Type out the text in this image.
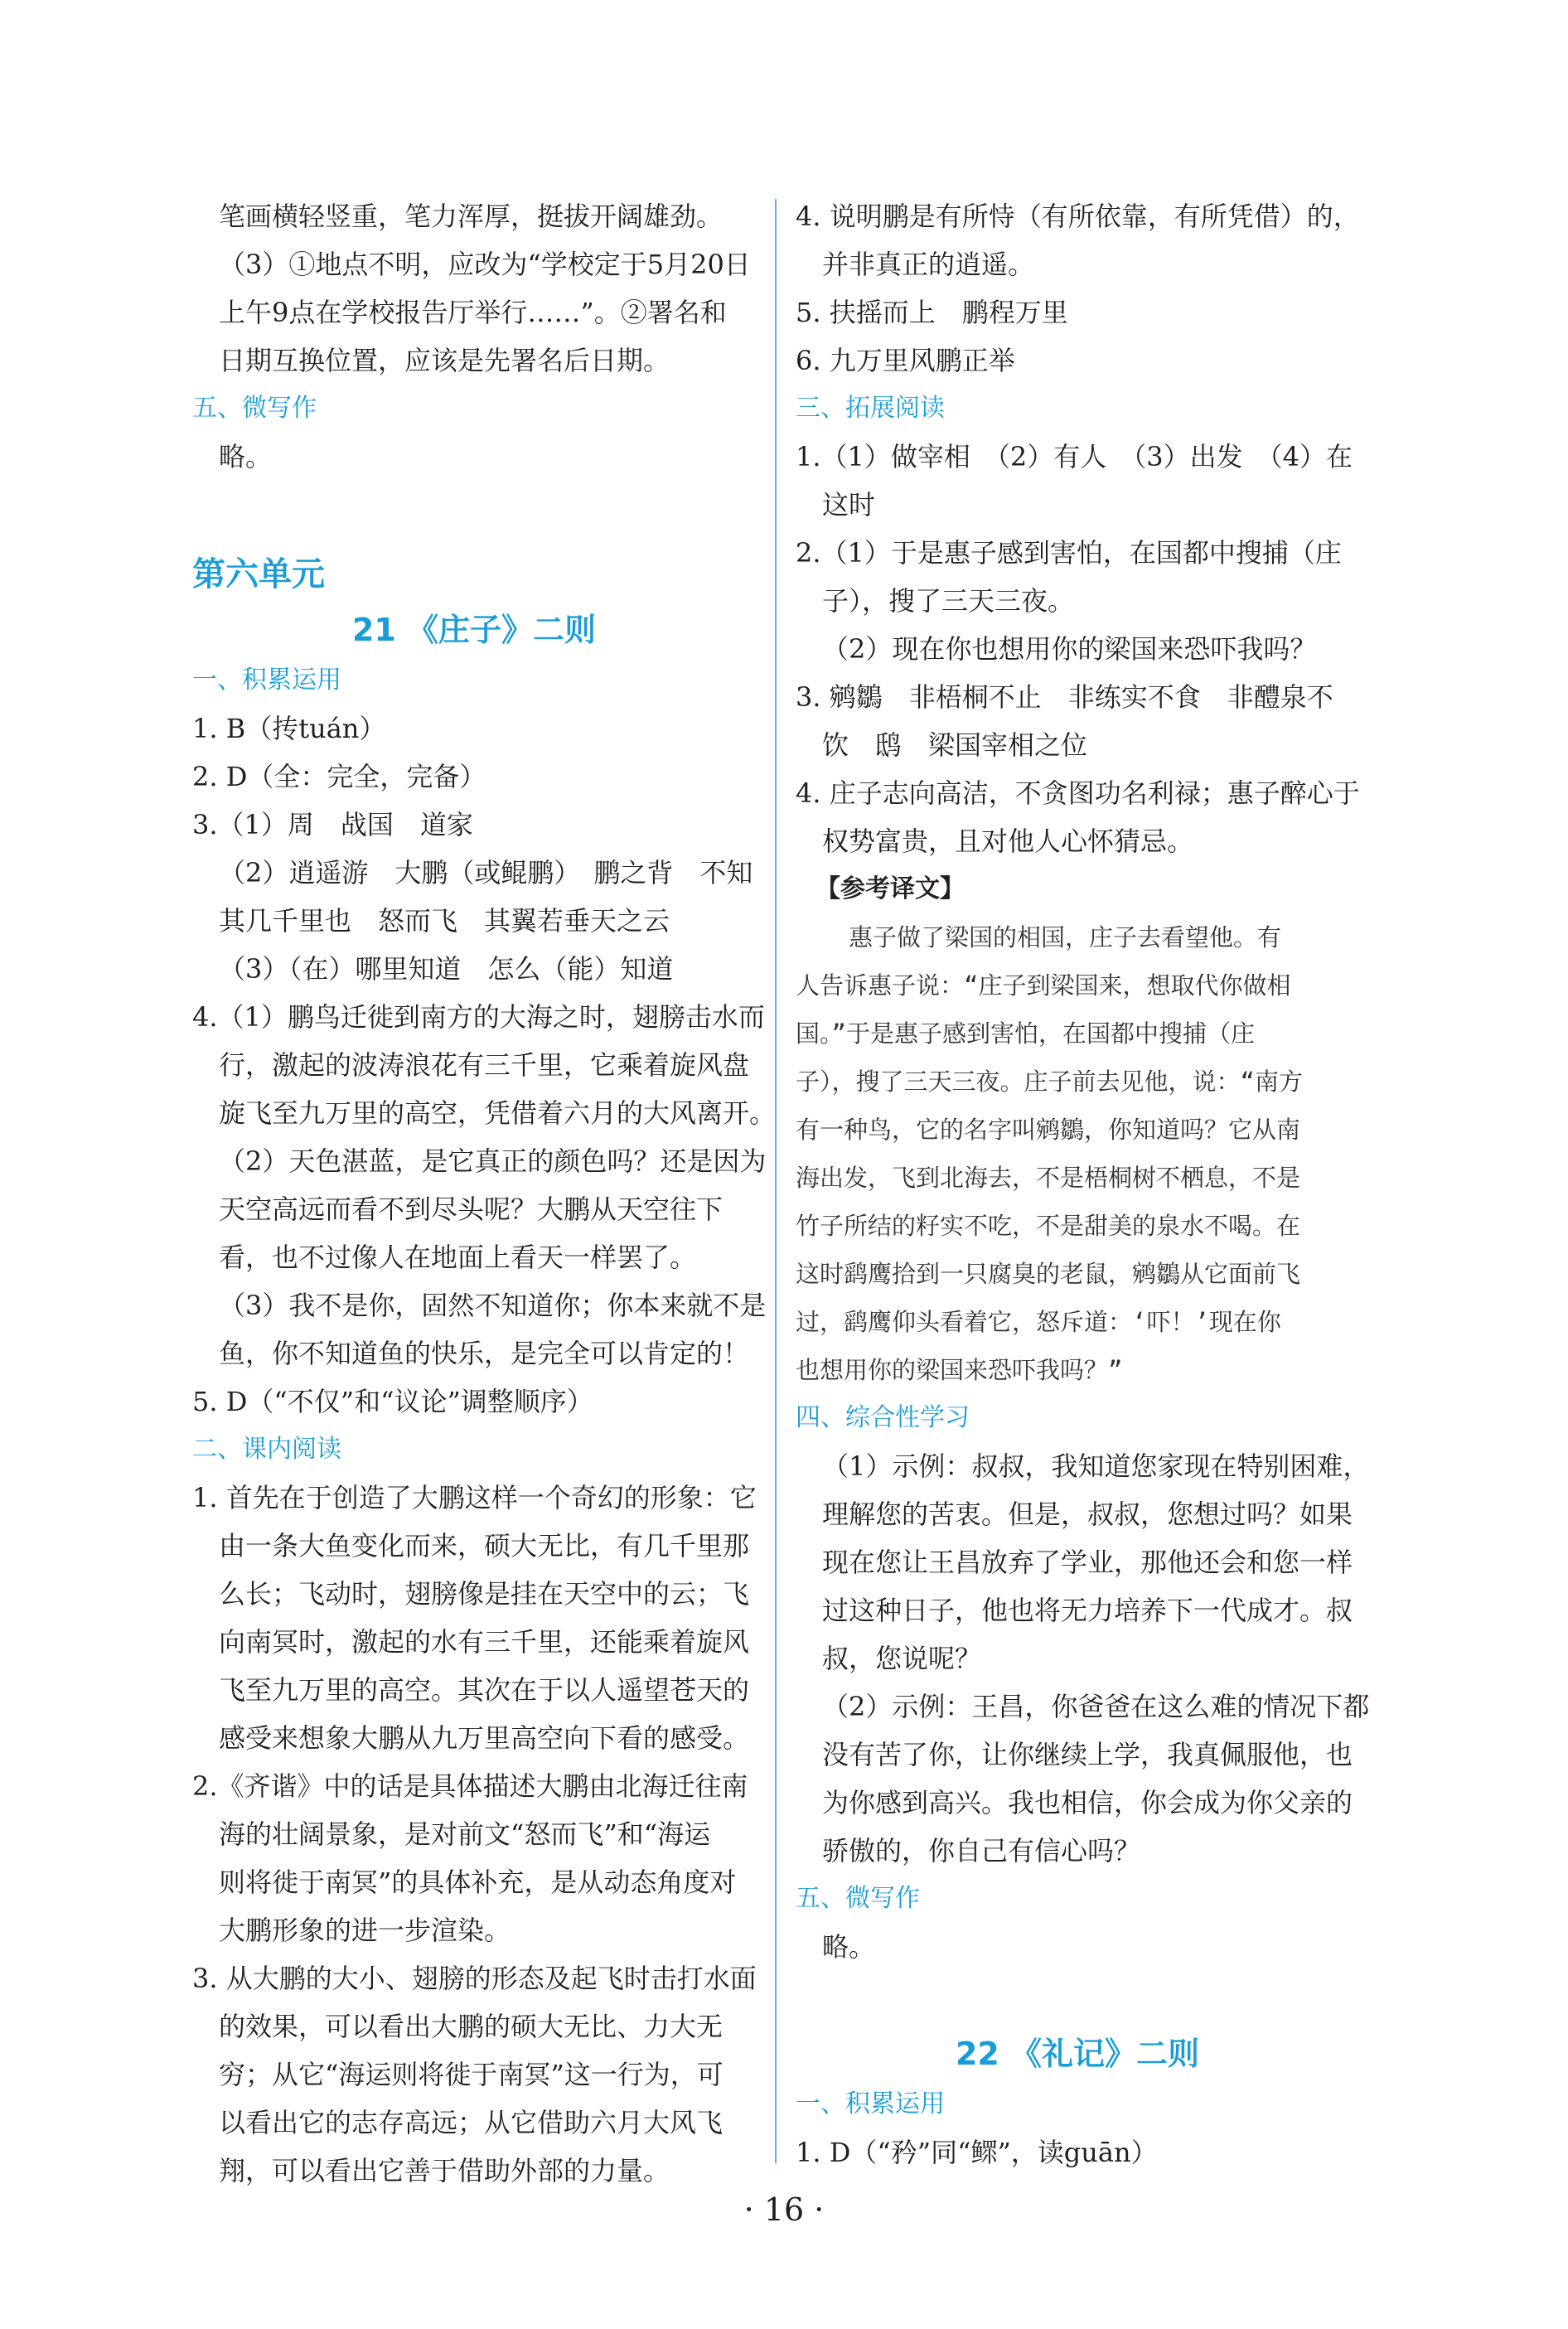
笔画横轻竖重，笔力浑厚，挺拔开阔雄劲。
（3）①地点不明，应改为“学校定于5月20日
上午9点在学校报告厅举行……”。②署名和
日期互换位置，应该是先署名后日期。
五、微写作
略。
第六单元
21 《庄子》二则
一、积累运用
1. B（抟tuán）
2. D（全：完全，完备）
3.（1）周　战国　道家
（2）逍遥游　大鹏（或鲲鹏）　鹏之背　不知
其几千里也　怒而飞　其翼若垂天之云
（3）（在）哪里知道　怎么（能）知道
4.（1）鹏鸟迁徙到南方的大海之时，翅膀击水而
行，激起的波涛浪花有三千里，它乘着旋风盘
旋飞至九万里的高空，凭借着六月的大风离开。
（2）天色湛蓝，是它真正的颜色吗？还是因为
天空高远而看不到尽头呢？大鹏从天空往下
看，也不过像人在地面上看天一样罢了。
（3）我不是你，固然不知道你；你本来就不是
鱼，你不知道鱼的快乐，是完全可以肯定的！
5. D（“不仅”和“议论”调整顺序）
二、课内阅读
1. 首先在于创造了大鹏这样一个奇幻的形象：它
由一条大鱼变化而来，硕大无比，有几千里那
么长；飞动时，翅膀像是挂在天空中的云；飞
向南冥时，激起的水有三千里，还能乘着旋风
飞至九万里的高空。其次在于以人遥望苍天的
感受来想象大鹏从九万里高空向下看的感受。
2.《齐谐》中的话是具体描述大鹏由北海迁往南
海的壮阔景象，是对前文“怒而飞”和“海运
则将徙于南冥”的具体补充，是从动态角度对
大鹏形象的进一步渲染。
3. 从大鹏的大小、翅膀的形态及起飞时击打水面
的效果，可以看出大鹏的硕大无比、力大无
穷；从它“海运则将徙于南冥”这一行为，可
以看出它的志存高远；从它借助六月大风飞
翔，可以看出它善于借助外部的力量。
4. 说明鹏是有所恃（有所依靠，有所凭借）的，
并非真正的逍遥。
5. 扶摇而上　鹏程万里
6. 九万里风鹏正举
三、拓展阅读
1.（1）做宰相　（2）有人　（3）出发　（4）在
这时
2.（1）于是惠子感到害怕，在国都中搜捕（庄
子），搜了三天三夜。
（2）现在你也想用你的梁国来恐吓我吗？
3. 鹓鶵　非梧桐不止　非练实不食　非醴泉不
饮　鸱　梁国宰相之位
4. 庄子志向高洁，不贪图功名利禄；惠子醉心于
权势富贵，且对他人心怀猜忌。
【参考译文】
惠子做了梁国的相国，庄子去看望他。有
人告诉惠子说：“庄子到梁国来，想取代你做相
国。”于是惠子感到害怕，在国都中搜捕（庄
子），搜了三天三夜。庄子前去见他，说：“南方
有一种鸟，它的名字叫鹓鶵，你知道吗？它从南
海出发，飞到北海去，不是梧桐树不栖息，不是
竹子所结的籽实不吃，不是甜美的泉水不喝。在
这时鹞鹰拾到一只腐臭的老鼠，鹓鶵从它面前飞
过，鹞鹰仰头看着它，怒斥道：‘吓！’现在你
也想用你的梁国来恐吓我吗？”
四、综合性学习
（1）示例：叔叔，我知道您家现在特别困难，
理解您的苦衷。但是，叔叔，您想过吗？如果
现在您让王昌放弃了学业，那他还会和您一样
过这种日子，他也将无力培养下一代成才。叔
叔，您说呢？
（2）示例：王昌，你爸爸在这么难的情况下都
没有苦了你，让你继续上学，我真佩服他，也
为你感到高兴。我也相信，你会成为你父亲的
骄傲的，你自己有信心吗？
五、微写作
略。
22 《礼记》二则
一、积累运用
1. D（“矜”同“鳏”，读guān）
· 16 ·
